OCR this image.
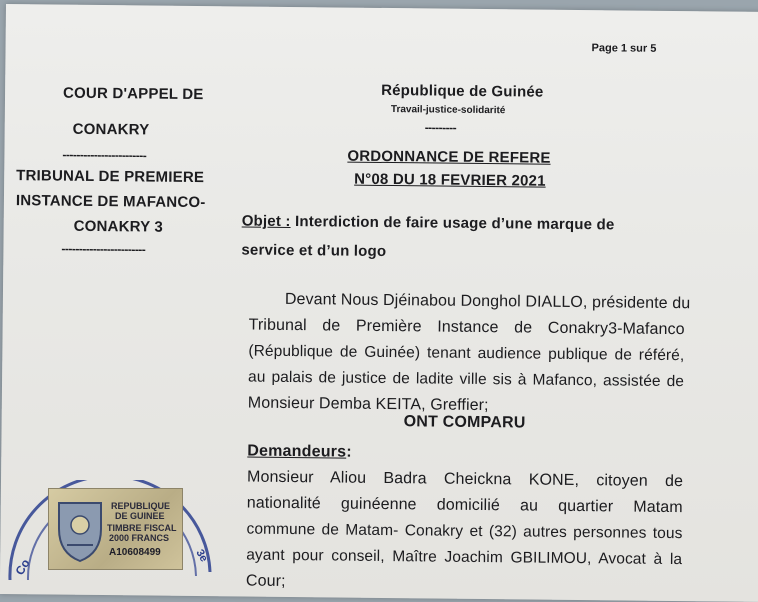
Page 1 sur 5
COUR D'APPEL DE
CONAKRY
------------------------
TRIBUNAL DE PREMIERE
INSTANCE DE MAFANCO-
CONAKRY 3
------------------------
République de Guinée
Travail-justice-solidarité
---------
ORDONNANCE DE REFERE
N°08 DU 18 FEVRIER 2021
Objet : Interdiction de faire usage d’une marque de
service et d’un logo
Devant Nous Djéinabou Donghol DIALLO, présidente du
Tribunal de Première Instance de Conakry3-Mafanco
(République de Guinée) tenant audience publique de référé,
au palais de justice de ladite ville sis à Mafanco, assistée de
Monsieur Demba KEITA, Greffier;
ONT COMPARU
Demandeurs:
Monsieur Aliou Badra Cheickna KONE, citoyen de
nationalité guinéenne domicilié au quartier Matam
commune de Matam- Conakry et (32) autres personnes tous
ayant pour conseil, Maître Joachim GBILIMOU, Avocat à la
Cour;
Co
3e
REPUBLIQUE
DE GUINEE
TIMBRE FISCAL
2000 FRANCS
A10608499
